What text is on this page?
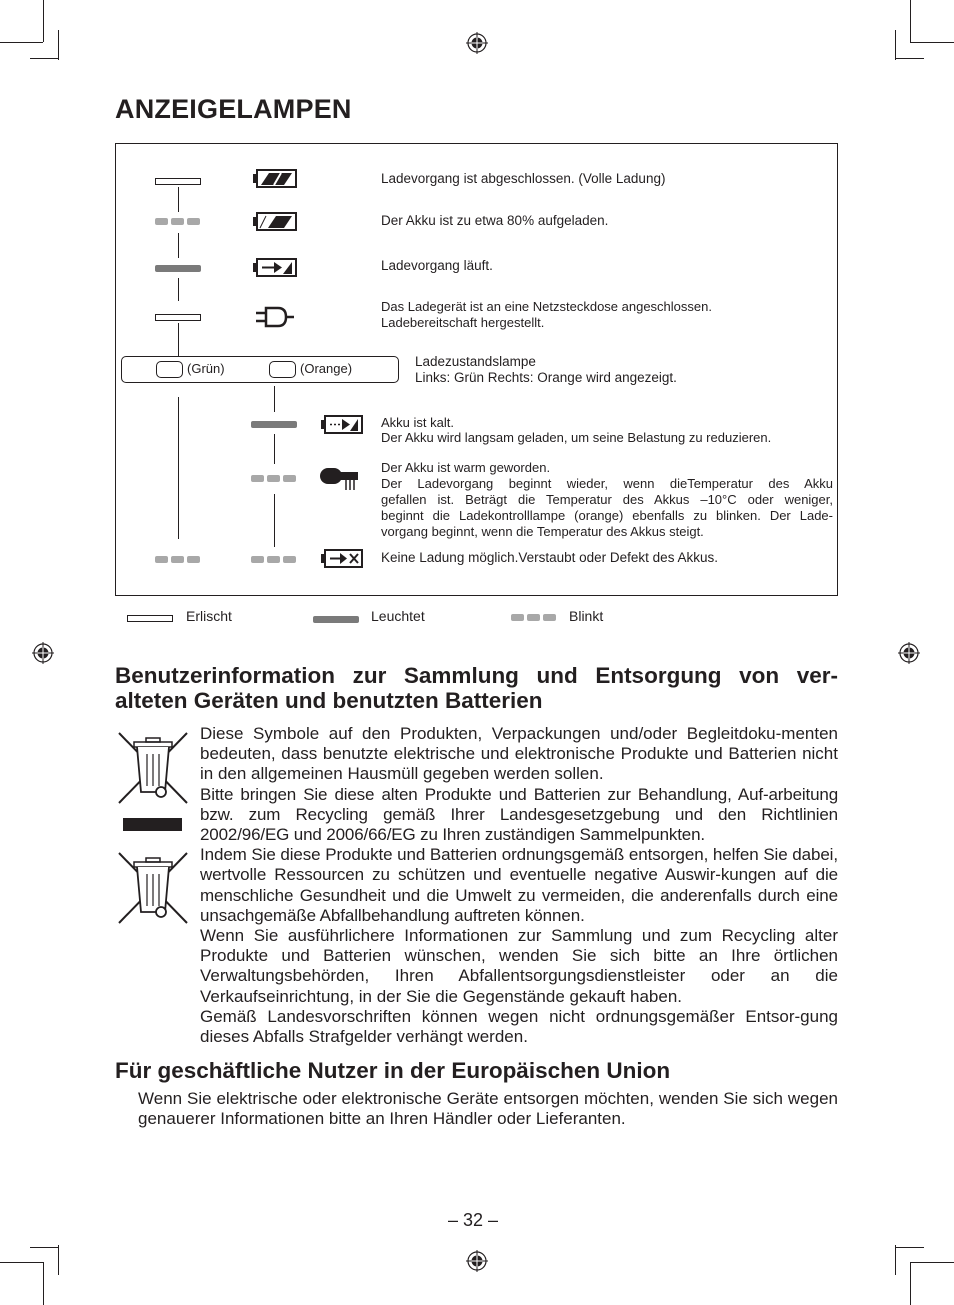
ANZEIGELAMPEN
Ladevorgang ist abgeschlossen. (Volle Ladung)
Der Akku ist zu etwa 80% aufgeladen.
Ladevorgang läuft.
Das Ladegerät ist an eine Netzsteckdose angeschlossen.
Ladebereitschaft hergestellt.
(Grün)	(Orange)	Ladezustandslampe
Links: Grün Rechts: Orange wird angezeigt.
Akku ist kalt.
Der Akku wird langsam geladen, um seine Belastung zu reduzieren.
Der Akku ist warm geworden.
Der Ladevorgang beginnt wieder, wenn dieTemperatur des Akku
gefallen ist. Beträgt die Temperatur des Akkus –10°C oder weniger,
beginnt die Ladekontrolllampe (orange) ebenfalls zu blinken. Der Lade-
vorgang beginnt, wenn die Temperatur des Akkus steigt.
Keine Ladung möglich.Verstaubt oder Defekt des Akkus.
Erlischt	Leuchtet	Blinkt
Benutzerinformation zur Sammlung und Entsorgung von ver-
alteten Geräten und benutzten Batterien

Diese Symbole auf den Produkten, Verpackungen und/oder Begleitdoku-menten bedeuten, dass benutzte elektrische und elektronische Produkte und Batterien nicht in den allgemeinen Hausmüll gegeben werden sollen.

Bitte bringen Sie diese alten Produkte und Batterien zur Behandlung, Auf-arbeitung bzw. zum Recycling gemäß Ihrer Landesgesetzgebung und den Richtlinien 2002/96/EG und 2006/66/EG zu Ihren zuständigen Sammelpunkten.

Indem Sie diese Produkte und Batterien ordnungsgemäß entsorgen, helfen Sie dabei, wertvolle Ressourcen zu schützen und eventuelle negative Auswir-kungen auf die menschliche Gesundheit und die Umwelt zu vermeiden, die anderenfalls durch eine unsachgemäße Abfallbehandlung auftreten können.

Wenn Sie ausführlichere Informationen zur Sammlung und zum Recycling alter Produkte und Batterien wünschen, wenden Sie sich bitte an Ihre örtlichen Verwaltungsbehörden, Ihren Abfallentsorgungsdienstleister oder an die Verkaufseinrichtung, in der Sie die Gegenstände gekauft haben.

Gemäß Landesvorschriften können wegen nicht ordnungsgemäßer Entsor-gung dieses Abfalls Strafgelder verhängt werden.

Für geschäftliche Nutzer in der Europäischen Union
Wenn Sie elektrische oder elektronische Geräte entsorgen möchten, wenden Sie sich wegen genauerer Informationen bitte an Ihren Händler oder Lieferanten.
– 32 –
